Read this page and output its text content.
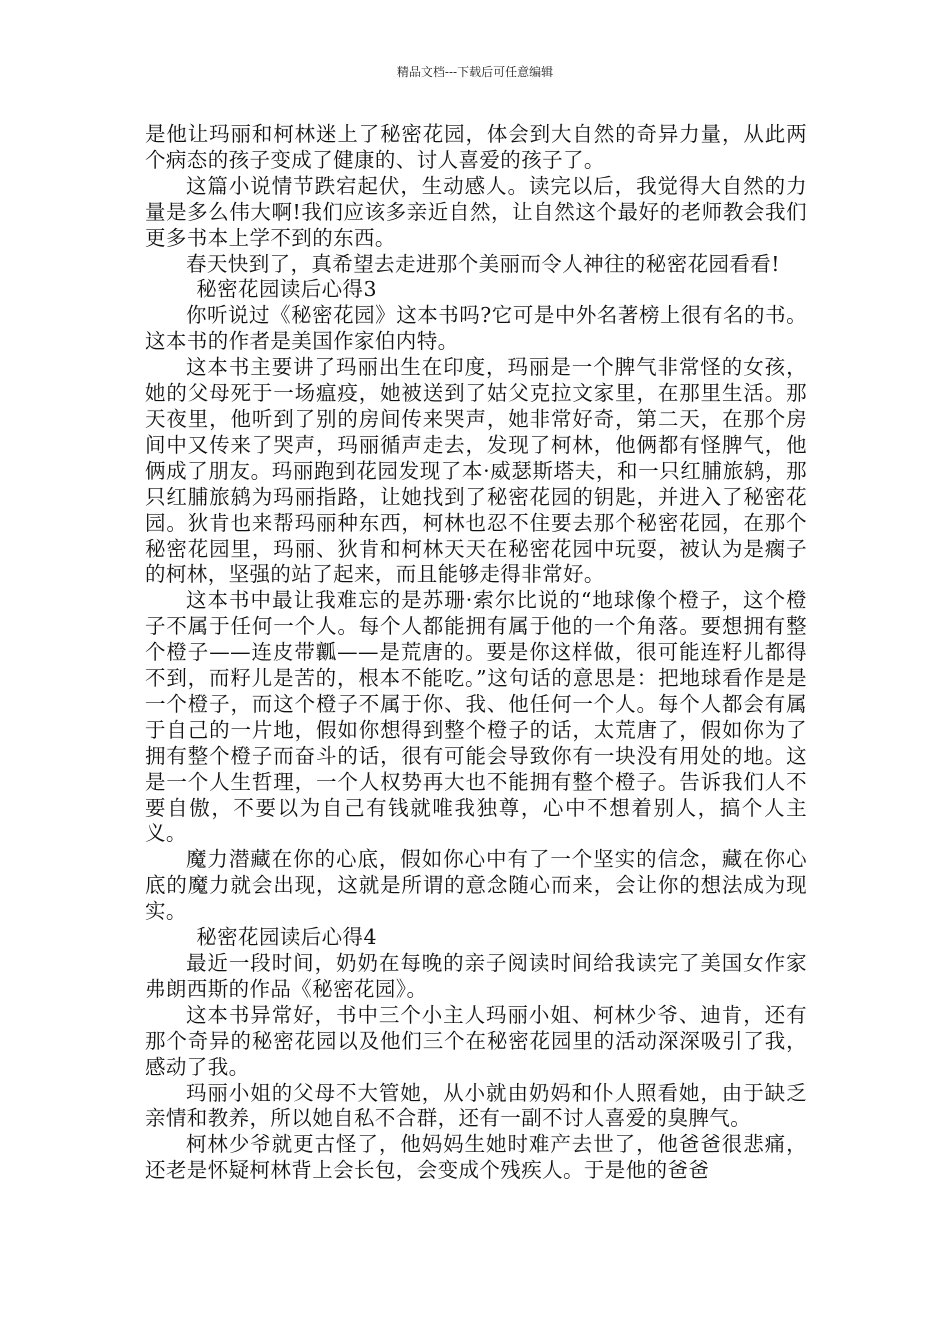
精品文档---下载后可任意编辑

是他让玛丽和柯林迷上了秘密花园，体会到大自然的奇异力量，从此两个病态的孩子变成了健康的、讨人喜爱的孩子了。

这篇小说情节跌宕起伏，生动感人。读完以后，我觉得大自然的力量是多么伟大啊!我们应该多亲近自然，让自然这个最好的老师教会我们更多书本上学不到的东西。

春天快到了，真希望去走进那个美丽而令人神往的秘密花园看看!

秘密花园读后心得3

你听说过《秘密花园》这本书吗?它可是中外名著榜上很有名的书。这本书的作者是美国作家伯内特。

这本书主要讲了玛丽出生在印度，玛丽是一个脾气非常怪的女孩，她的父母死于一场瘟疫，她被送到了姑父克拉文家里，在那里生活。那天夜里，他听到了别的房间传来哭声，她非常好奇，第二天，在那个房间中又传来了哭声，玛丽循声走去，发现了柯林，他俩都有怪脾气，他俩成了朋友。玛丽跑到花园发现了本·威瑟斯塔夫，和一只红脯旅鸫，那只红脯旅鸫为玛丽指路，让她找到了秘密花园的钥匙，并进入了秘密花园。狄肯也来帮玛丽种东西，柯林也忍不住要去那个秘密花园，在那个秘密花园里，玛丽、狄肯和柯林天天在秘密花园中玩耍，被认为是瘸子的柯林，坚强的站了起来，而且能够走得非常好。

这本书中最让我难忘的是苏珊·索尔比说的“地球像个橙子，这个橙子不属于任何一个人。每个人都能拥有属于他的一个角落。要想拥有整个橙子——连皮带瓤——是荒唐的。要是你这样做，很可能连籽儿都得不到，而籽儿是苦的，根本不能吃。”这句话的意思是：把地球看作是是一个橙子，而这个橙子不属于你、我、他任何一个人。每个人都会有属于自己的一片地，假如你想得到整个橙子的话，太荒唐了，假如你为了拥有整个橙子而奋斗的话，很有可能会导致你有一块没有用处的地。这是一个人生哲理，一个人权势再大也不能拥有整个橙子。告诉我们人不要自傲，不要以为自己有钱就唯我独尊，心中不想着别人，搞个人主义。

魔力潜藏在你的心底，假如你心中有了一个坚实的信念，藏在你心底的魔力就会出现，这就是所谓的意念随心而来，会让你的想法成为现实。

秘密花园读后心得4

最近一段时间，奶奶在每晚的亲子阅读时间给我读完了美国女作家弗朗西斯的作品《秘密花园》。

这本书异常好，书中三个小主人玛丽小姐、柯林少爷、迪肯，还有那个奇异的秘密花园以及他们三个在秘密花园里的活动深深吸引了我，感动了我。

玛丽小姐的父母不大管她，从小就由奶妈和仆人照看她，由于缺乏亲情和教养，所以她自私不合群，还有一副不讨人喜爱的臭脾气。

柯林少爷就更古怪了，他妈妈生她时难产去世了，他爸爸很悲痛，还老是怀疑柯林背上会长包，会变成个残疾人。于是他的爸爸
